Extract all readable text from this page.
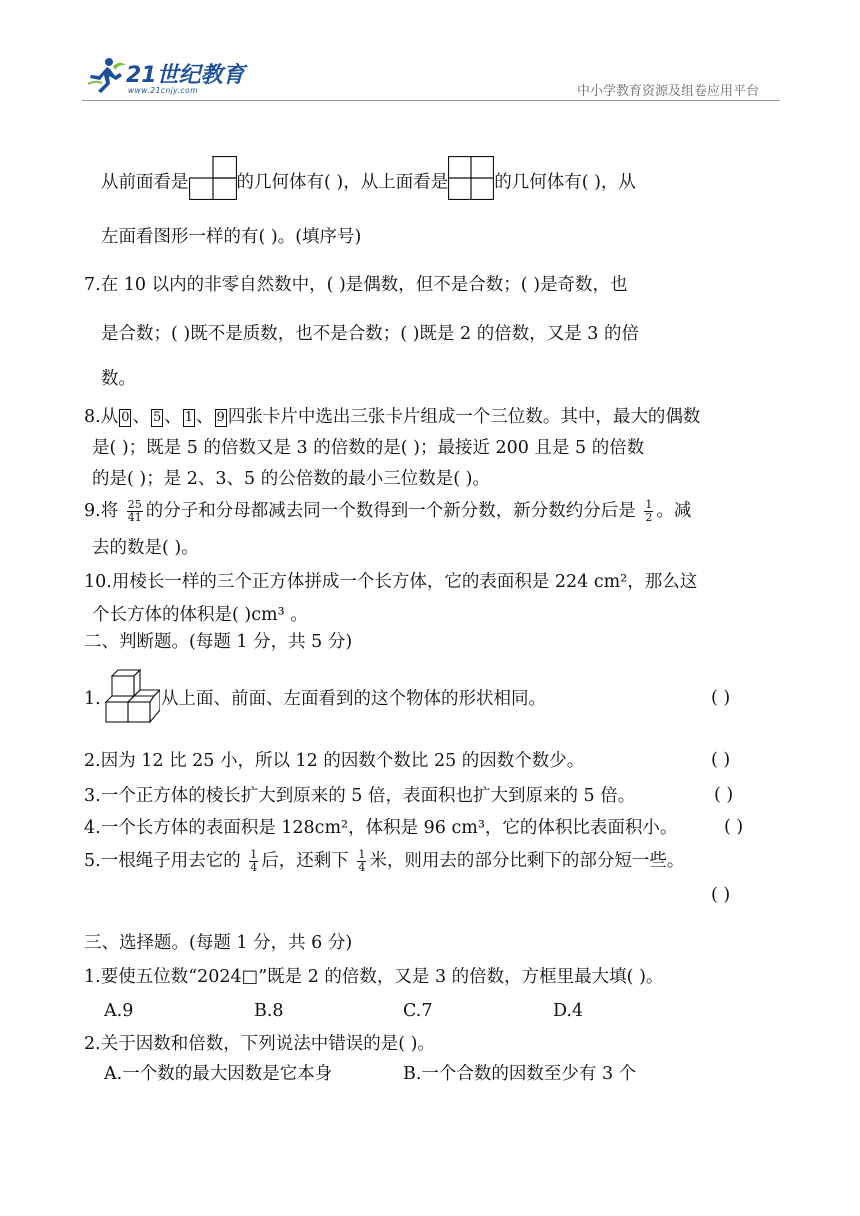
21世纪教育
www.21cnjy.com	中小学教育资源及组卷应用平台
从前面看是	的几何体有( )，从上面看是	的几何体有( )，从
左面看图形一样的有( )。(填序号)
7.在 10 以内的非零自然数中，( )是偶数，但不是合数；( )是奇数，也
是合数；( )既不是质数，也不是合数；( )既是 2 的倍数，又是 3 的倍
数。
8.从 0 、 5 、 1 、 9 四张卡片中选出三张卡片组成一个三位数。其中，最大的偶数
是( )；既是 5 的倍数又是 3 的倍数的是( )；最接近 200 且是 5 的倍数
的是( )；是 2、3、5 的公倍数的最小三位数是( )。
9.将 $\frac{25}{41}$ 的分子和分母都减去同一个数得到一个新分数，新分数约分后是 $\frac{1}{2}$ 。减
去的数是( )。
10.用棱长一样的三个正方体拼成一个长方体，它的表面积是 224 cm²，那么这
个长方体的体积是( )cm³ 。
二、判断题。(每题 1 分，共 5 分)
1.	从上面、前面、左面看到的这个物体的形状相同。	( )
2.因为 12 比 25 小，所以 12 的因数个数比 25 的因数个数少。	( )
3.一个正方体的棱长扩大到原来的 5 倍，表面积也扩大到原来的 5 倍。	( )
4.一个长方体的表面积是 128cm²，体积是 96 cm³，它的体积比表面积小。	( )
5.一根绳子用去它的 $\frac{1}{4}$ 后，还剩下 $\frac{1}{4}$ 米，则用去的部分比剩下的部分短一些。
( )
三、选择题。(每题 1 分，共 6 分)
1.要使五位数“2024□”既是 2 的倍数，又是 3 的倍数，方框里最大填( )。
A.9	B.8	C.7	D.4
2.关于因数和倍数，下列说法中错误的是( )。
A.一个数的最大因数是它本身	B.一个合数的因数至少有 3 个
